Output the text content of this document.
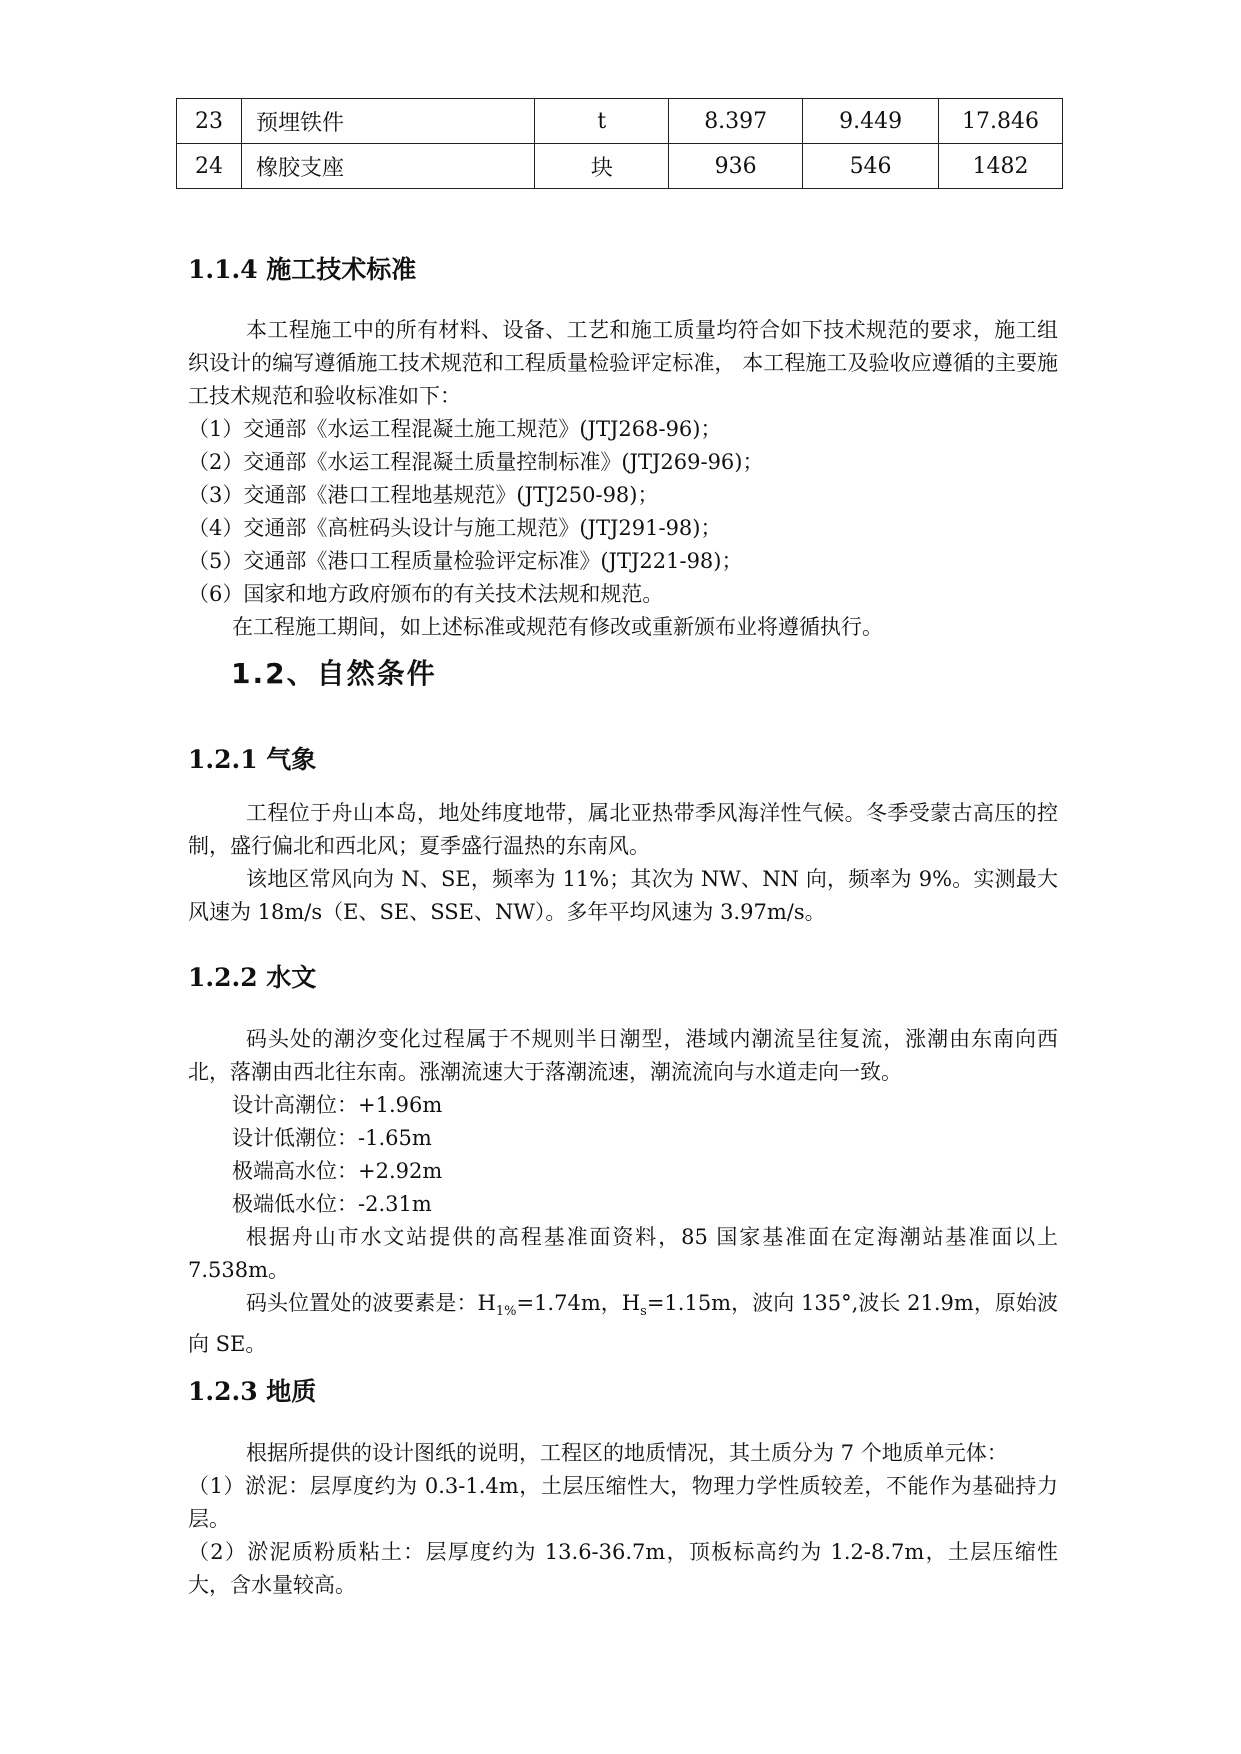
23	预埋铁件	t	8.397	9.449	17.846
24	橡胶支座	块	936	546	1482
1.1.4 施工技术标准

本工程施工中的所有材料、设备、工艺和施工质量均符合如下技术规范的要求，施工组织设计的编写遵循施工技术规范和工程质量检验评定标准， 本工程施工及验收应遵循的主要施工技术规范和验收标准如下：

（1）交通部《水运工程混凝土施工规范》(JTJ268-96)；

（2）交通部《水运工程混凝土质量控制标准》(JTJ269-96)；

（3）交通部《港口工程地基规范》(JTJ250-98)；

（4）交通部《高桩码头设计与施工规范》(JTJ291-98)；

（5）交通部《港口工程质量检验评定标准》(JTJ221-98)；

（6）国家和地方政府颁布的有关技术法规和规范。

在工程施工期间，如上述标准或规范有修改或重新颁布业将遵循执行。

1.2、自然条件
1.2.1 气象

工程位于舟山本岛，地处纬度地带，属北亚热带季风海洋性气候。冬季受蒙古高压的控制，盛行偏北和西北风；夏季盛行温热的东南风。

该地区常风向为 N、SE，频率为 11%；其次为 NW、NN 向，频率为 9%。实测最大风速为 18m/s（E、SE、SSE、NW）。多年平均风速为 3.97m/s。

1.2.2 水文

码头处的潮汐变化过程属于不规则半日潮型，港域内潮流呈往复流，涨潮由东南向西北，落潮由西北往东南。涨潮流速大于落潮流速，潮流流向与水道走向一致。

设计高潮位：+1.96m

设计低潮位：-1.65m

极端高水位：+2.92m

极端低水位：-2.31m

根据舟山市水文站提供的高程基准面资料，85 国家基准面在定海潮站基准面以上 7.538m。

码头位置处的波要素是：$H_{1\%}=1.74m$，$H_s=1.15m$，波向 135°,波长 21.9m，原始波向 SE。

1.2.3 地质

根据所提供的设计图纸的说明，工程区的地质情况，其土质分为 7 个地质单元体：

（1）淤泥：层厚度约为 0.3-1.4m，土层压缩性大，物理力学性质较差，不能作为基础持力层。

（2）淤泥质粉质粘土：层厚度约为 13.6-36.7m，顶板标高约为 1.2-8.7m，土层压缩性大，含水量较高。
